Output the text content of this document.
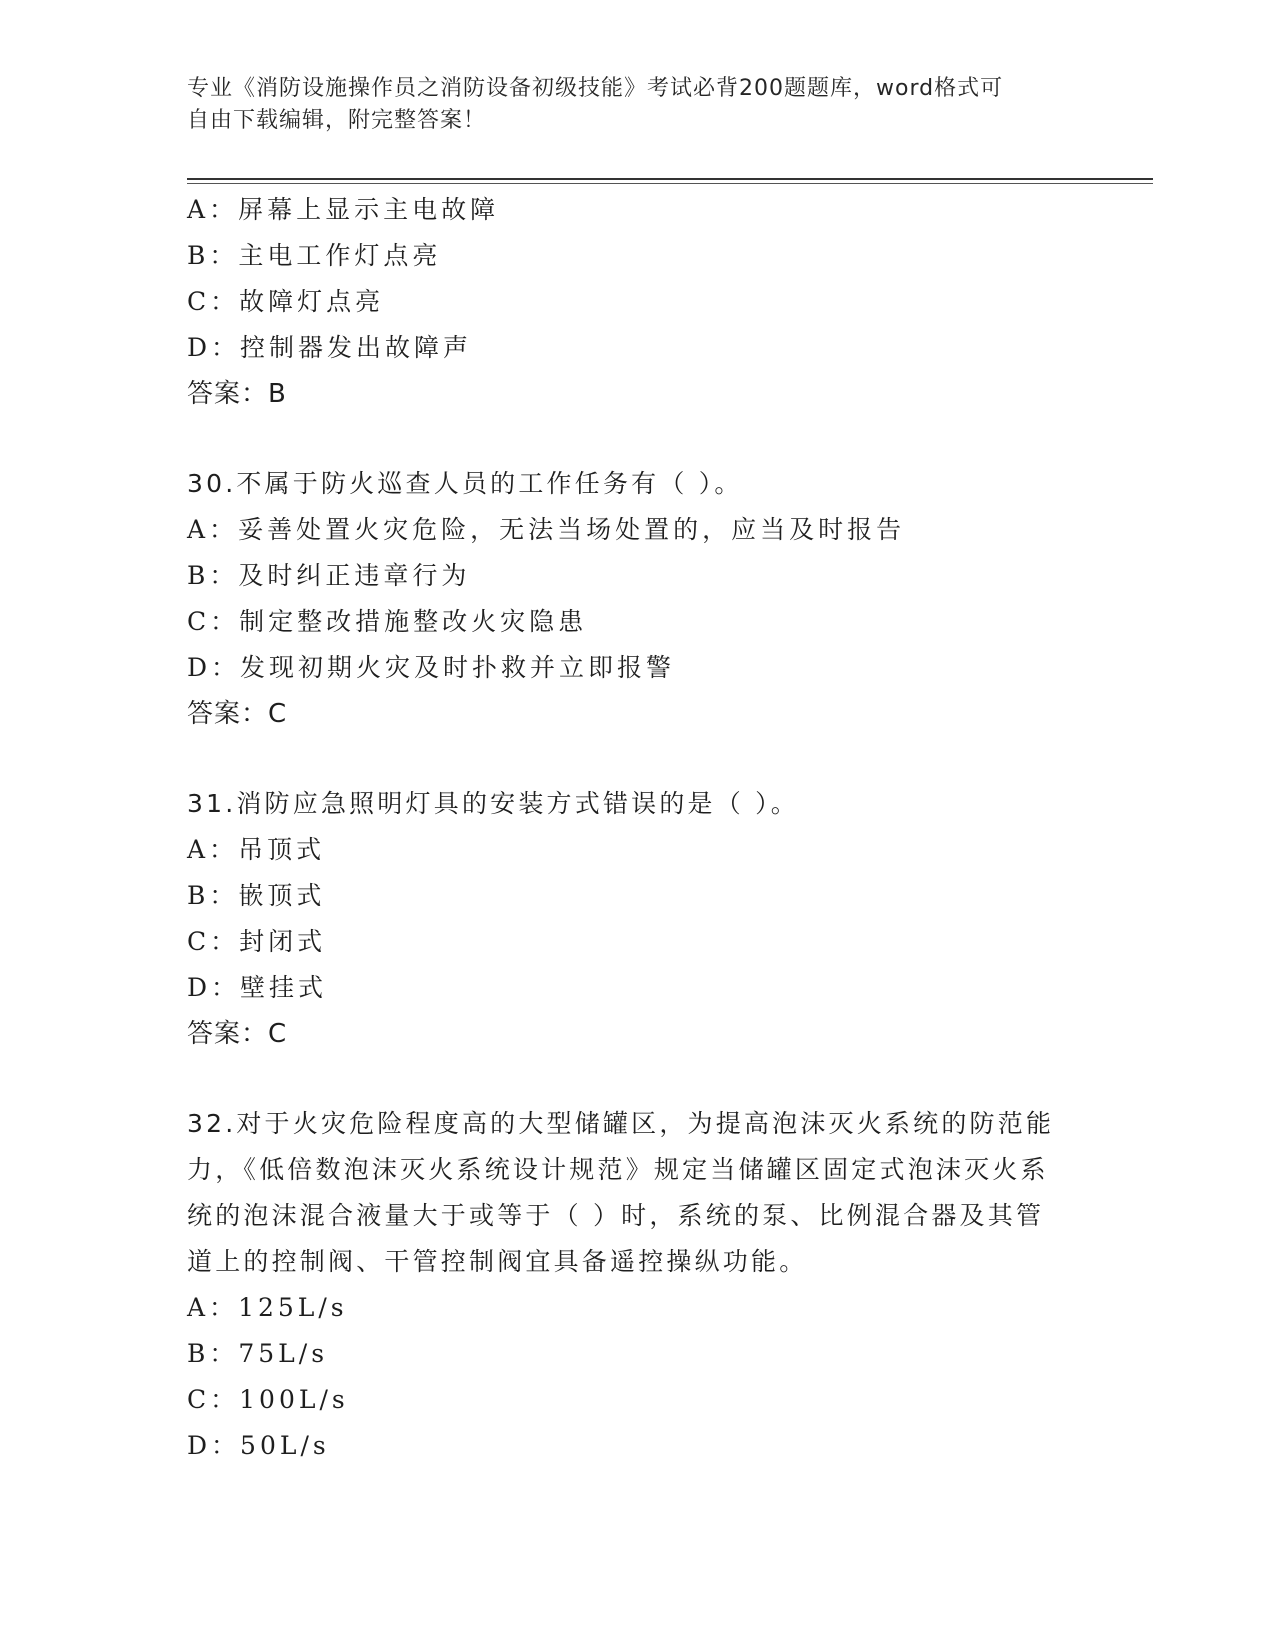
专业《消防设施操作员之消防设备初级技能》考试必背200题题库，word格式可
自由下载编辑，附完整答案！

A：屏幕上显示主电故障

B：主电工作灯点亮

C：故障灯点亮

D：控制器发出故障声

答案：B

30.不属于防火巡查人员的工作任务有（ ）。

A：妥善处置火灾危险，无法当场处置的，应当及时报告

B：及时纠正违章行为

C：制定整改措施整改火灾隐患

D：发现初期火灾及时扑救并立即报警

答案：C

31.消防应急照明灯具的安装方式错误的是（ ）。

A：吊顶式

B：嵌顶式

C：封闭式

D：壁挂式

答案：C

32.对于火灾危险程度高的大型储罐区，为提高泡沫灭火系统的防范能力，《低倍数泡沫灭火系统设计规范》规定当储罐区固定式泡沫灭火系统的泡沫混合液量大于或等于（ ）时，系统的泵、比例混合器及其管道上的控制阀、干管控制阀宜具备遥控操纵功能。

A：125L/s

B：75L/s

C：100L/s

D：50L/s
